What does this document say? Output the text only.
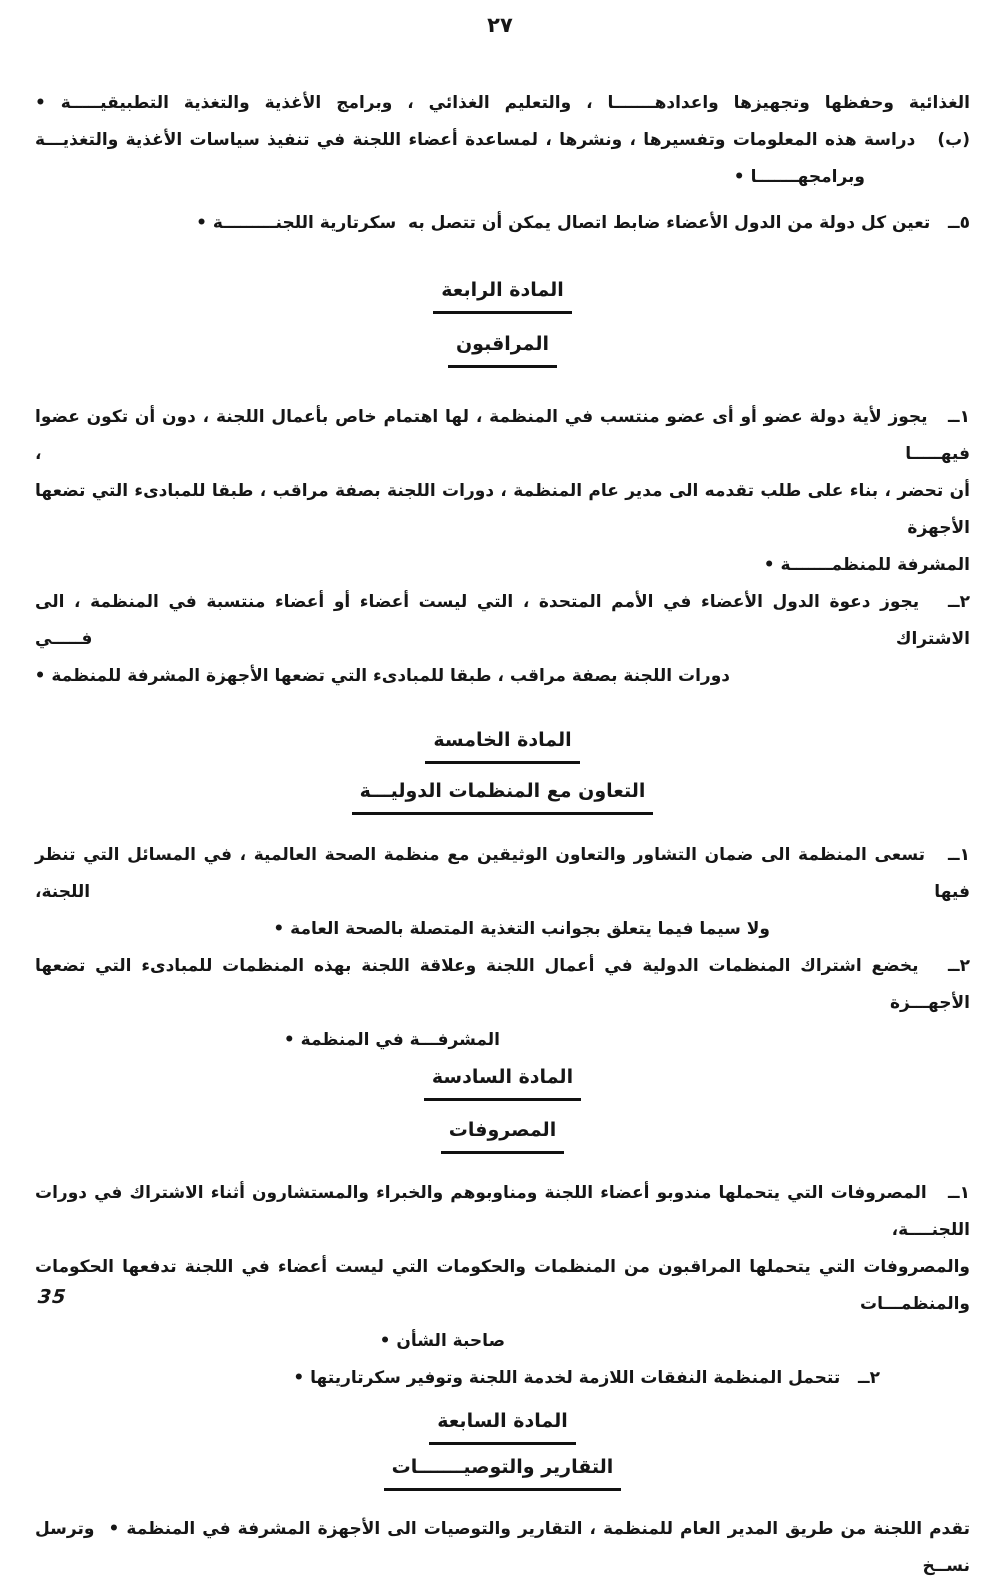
٢٧
الغذائية وحفظها وتجهيزها واعدادهـــــــا ، والتعليم الغذائي ، وبرامج الأغذية والتغذية التطبيقيـــــة •
(ب)   دراسة هذه المعلومات وتفسيرها ، ونشرها ، لمساعدة أعضاء اللجنة في تنفيذ سياسات الأغذية والتغذيـــة
وبرامجهـــــــا •
٥ــ   تعين كل دولة من الدول الأعضاء ضابط اتصال يمكن أن تتصل به  سكرتارية اللجنـــــــــة •
المادة الرابعة
المراقبون
١ــ   يجوز لأية دولة عضو أو أى عضو منتسب في المنظمة ، لها اهتمام خاص بأعمال اللجنة ، دون أن تكون عضوا فيهـــــا ،
أن تحضر ، بناء على طلب تقدمه الى مدير عام المنظمة ، دورات اللجنة بصفة مراقب ، طبقا للمبادىء التي تضعها الأجهزة
المشرفة للمنظمـــــــة •
٢ــ   يجوز دعوة الدول الأعضاء في الأمم المتحدة ، التي ليست أعضاء أو أعضاء منتسبة في المنظمة ، الى الاشتراك فـــــي
دورات اللجنة بصفة مراقب ، طبقا للمبادىء التي تضعها الأجهزة المشرفة للمنظمة •
المادة الخامسة
التعاون مع المنظمات الدوليـــة
١ــ   تسعى المنظمة الى ضمان التشاور والتعاون الوثيقين مع منظمة الصحة العالمية ، في المسائل التي تنظر فيها اللجنة،
ولا سيما فيما يتعلق بجوانب التغذية المتصلة بالصحة العامة •
٢ــ   يخضع اشتراك المنظمات الدولية في أعمال اللجنة وعلاقة اللجنة بهذه المنظمات للمبادىء التي تضعها الأجهـــزة
المشرفـــة في المنظمة •
المادة السادسة
المصروفات
١ــ   المصروفات التي يتحملها مندوبو أعضاء اللجنة ومناوبوهم والخبراء والمستشارون أثناء الاشتراك في دورات اللجنــــة،
والمصروفات التي يتحملها المراقبون من المنظمات والحكومات التي ليست أعضاء في اللجنة تدفعها الحكومات والمنظمـــات
صاحبة الشأن •
٢ــ   تتحمل المنظمة النفقات اللازمة لخدمة اللجنة وتوفير سكرتاريتها •
المادة السابعة
التقارير والتوصيـــــــات
تقدم اللجنة من طريق المدير العام للمنظمة ، التقارير والتوصيات الى الأجهزة المشرفة في المنظمة •  وترسل نســخ
35
